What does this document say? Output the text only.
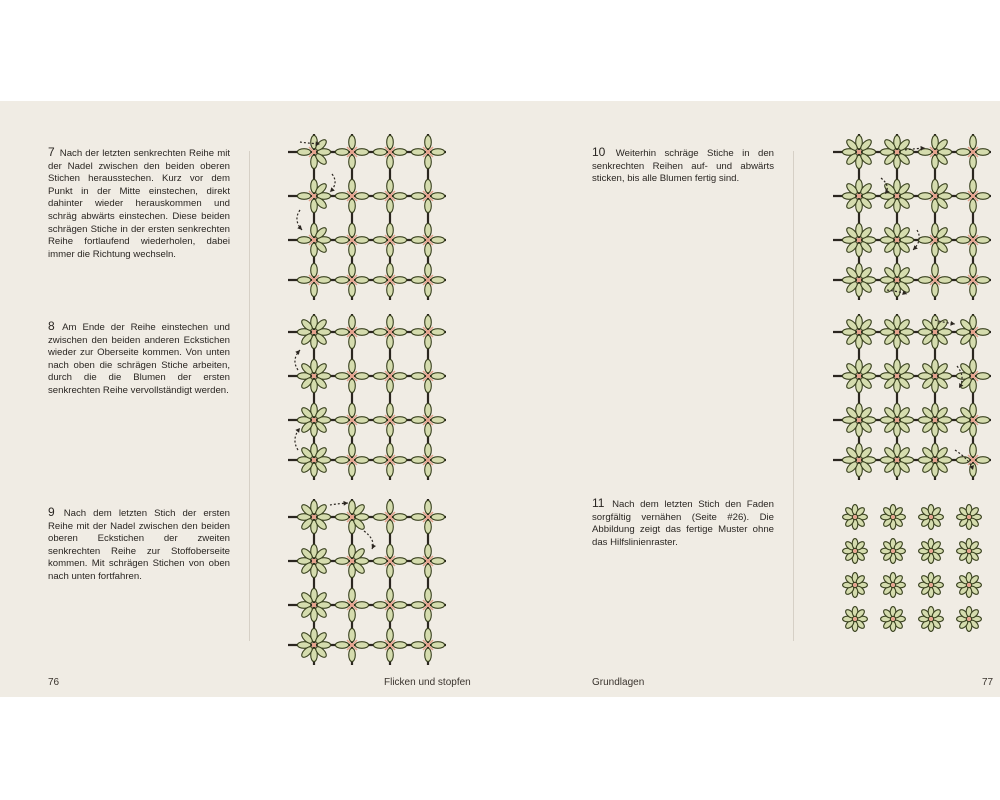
7 Nach der letzten senkrechten Reihe mit der Nadel zwischen den beiden oberen Stichen herausstechen. Kurz vor dem Punkt in der Mitte einstechen, direkt dahinter wieder herauskommen und schräg abwärts einstechen. Diese beiden schrägen Stiche in der ersten senkrechten Reihe fortlaufend wiederholen, dabei immer die Richtung wechseln.
8 Am Ende der Reihe einstechen und zwischen den beiden anderen Eckstichen wieder zur Oberseite kommen. Von unten nach oben die schrägen Stiche arbeiten, durch die die Blumen der ersten senkrechten Reihe vervollständigt werden.
9 Nach dem letzten Stich der ersten Reihe mit der Nadel zwischen den beiden oberen Eckstichen der zweiten senkrechten Reihe zur Stoffoberseite kommen. Mit schrägen Stichen von oben nach unten fortfahren.
10 Weiterhin schräge Stiche in den senkrechten Reihen auf- und abwärts sticken, bis alle Blumen fertig sind.
11 Nach dem letzten Stich den Faden sorgfältig vernähen (Seite #26). Die Abbildung zeigt das fertige Muster ohne das Hilfslinienraster.
76	Flicken und stopfen	Grundlagen	77
